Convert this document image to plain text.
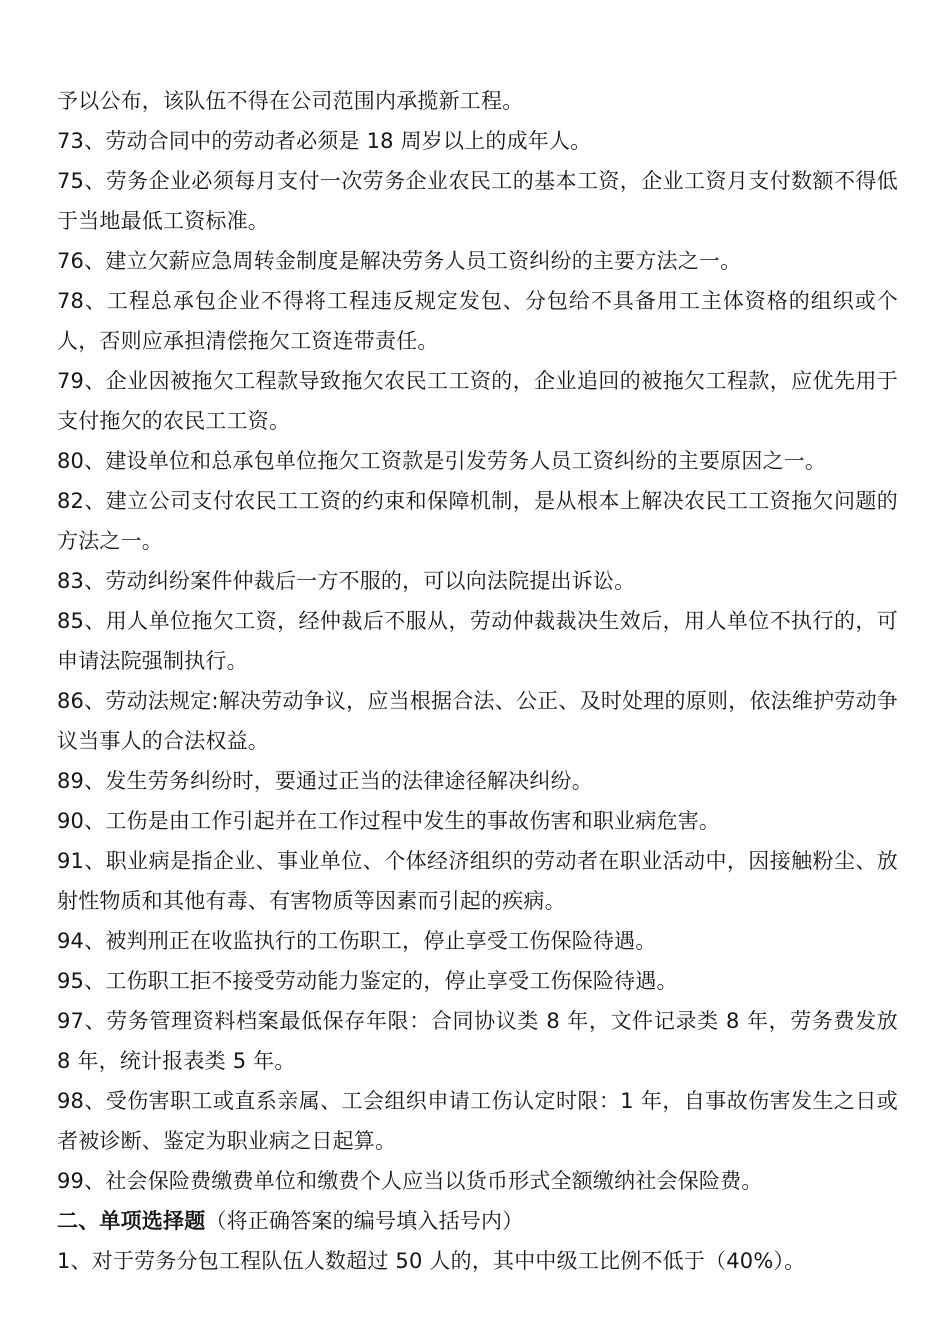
予以公布，该队伍不得在公司范围内承揽新工程。

73、劳动合同中的劳动者必须是 18 周岁以上的成年人。

75、劳务企业必须每月支付一次劳务企业农民工的基本工资，企业工资月支付数额不得低于当地最低工资标准。

76、建立欠薪应急周转金制度是解决劳务人员工资纠纷的主要方法之一。

78、工程总承包企业不得将工程违反规定发包、分包给不具备用工主体资格的组织或个人，否则应承担清偿拖欠工资连带责任。

79、企业因被拖欠工程款导致拖欠农民工工资的，企业追回的被拖欠工程款，应优先用于支付拖欠的农民工工资。

80、建设单位和总承包单位拖欠工资款是引发劳务人员工资纠纷的主要原因之一。

82、建立公司支付农民工工资的约束和保障机制，是从根本上解决农民工工资拖欠问题的方法之一。

83、劳动纠纷案件仲裁后一方不服的，可以向法院提出诉讼。

85、用人单位拖欠工资，经仲裁后不服从，劳动仲裁裁决生效后，用人单位不执行的，可申请法院强制执行。

86、劳动法规定:解决劳动争议，应当根据合法、公正、及时处理的原则，依法维护劳动争议当事人的合法权益。

89、发生劳务纠纷时，要通过正当的法律途径解决纠纷。

90、工伤是由工作引起并在工作过程中发生的事故伤害和职业病危害。

91、职业病是指企业、事业单位、个体经济组织的劳动者在职业活动中，因接触粉尘、放射性物质和其他有毒、有害物质等因素而引起的疾病。

94、被判刑正在收监执行的工伤职工，停止享受工伤保险待遇。

95、工伤职工拒不接受劳动能力鉴定的，停止享受工伤保险待遇。

97、劳务管理资料档案最低保存年限：合同协议类 8 年，文件记录类 8 年，劳务费发放 8 年，统计报表类 5 年。

98、受伤害职工或直系亲属、工会组织申请工伤认定时限：1 年，自事故伤害发生之日或者被诊断、鉴定为职业病之日起算。

99、社会保险费缴费单位和缴费个人应当以货币形式全额缴纳社会保险费。

二、单项选择题（将正确答案的编号填入括号内）

1、对于劳务分包工程队伍人数超过 50 人的，其中中级工比例不低于（40%）。
